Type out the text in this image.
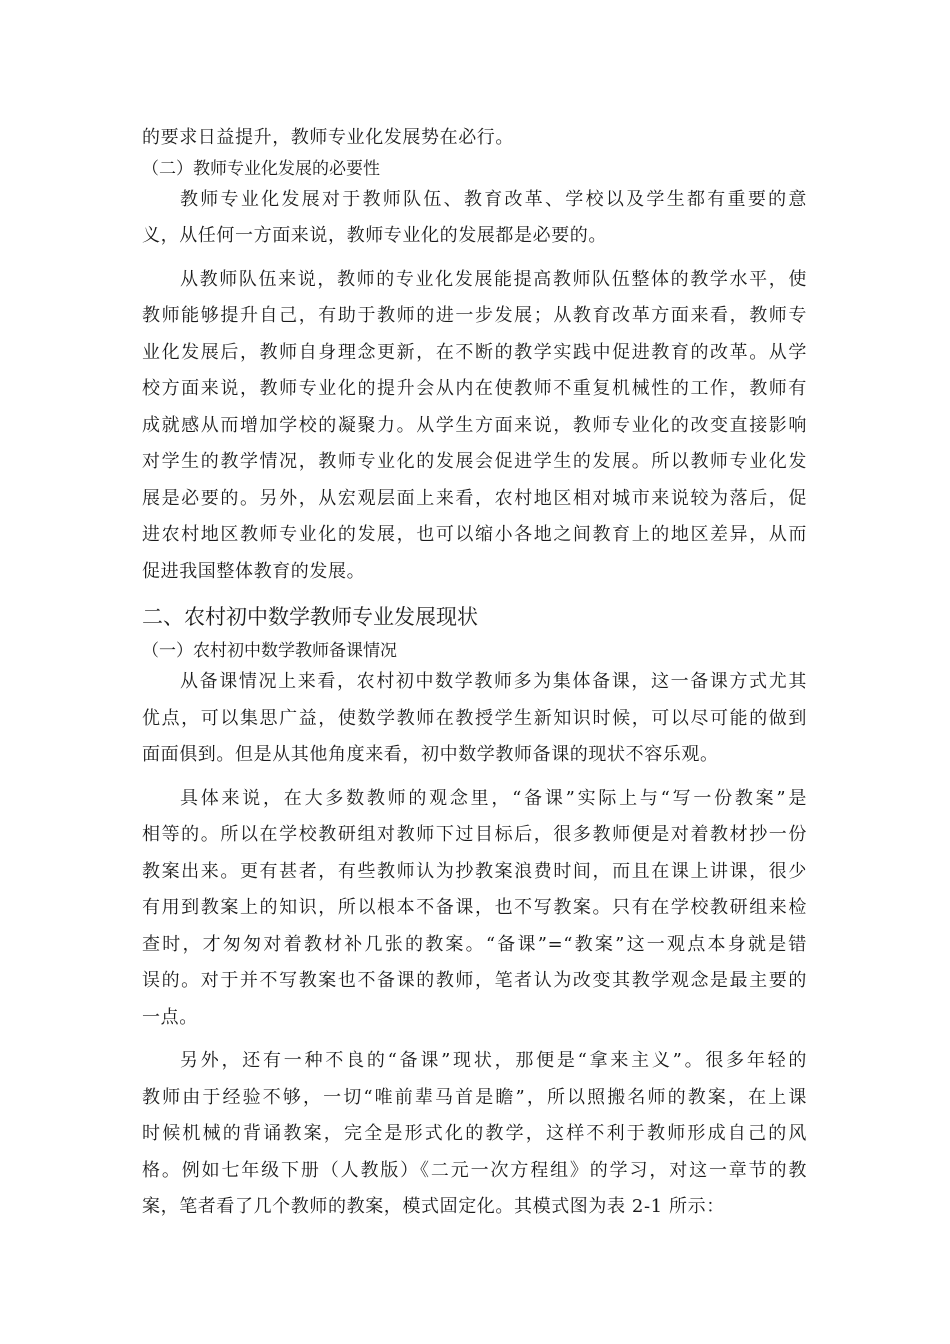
的要求日益提升，教师专业化发展势在必行。
（二）教师专业化发展的必要性
教师专业化发展对于教师队伍、教育改革、学校以及学生都有重要的意
义，从任何一方面来说，教师专业化的发展都是必要的。
从教师队伍来说，教师的专业化发展能提高教师队伍整体的教学水平，使
教师能够提升自己，有助于教师的进一步发展；从教育改革方面来看，教师专
业化发展后，教师自身理念更新，在不断的教学实践中促进教育的改革。从学
校方面来说，教师专业化的提升会从内在使教师不重复机械性的工作，教师有
成就感从而增加学校的凝聚力。从学生方面来说，教师专业化的改变直接影响
对学生的教学情况，教师专业化的发展会促进学生的发展。所以教师专业化发
展是必要的。另外，从宏观层面上来看，农村地区相对城市来说较为落后，促
进农村地区教师专业化的发展，也可以缩小各地之间教育上的地区差异，从而
促进我国整体教育的发展。
二、农村初中数学教师专业发展现状
（一）农村初中数学教师备课情况
从备课情况上来看，农村初中数学教师多为集体备课，这一备课方式尤其
优点，可以集思广益，使数学教师在教授学生新知识时候，可以尽可能的做到
面面俱到。但是从其他角度来看，初中数学教师备课的现状不容乐观。
具体来说，在大多数教师的观念里，“备课”实际上与“写一份教案”是
相等的。所以在学校教研组对教师下过目标后，很多教师便是对着教材抄一份
教案出来。更有甚者，有些教师认为抄教案浪费时间，而且在课上讲课，很少
有用到教案上的知识，所以根本不备课，也不写教案。只有在学校教研组来检
查时，才匆匆对着教材补几张的教案。“备课”=“教案”这一观点本身就是错
误的。对于并不写教案也不备课的教师，笔者认为改变其教学观念是最主要的
一点。
另外，还有一种不良的“备课”现状，那便是“拿来主义”。很多年轻的
教师由于经验不够，一切“唯前辈马首是瞻”，所以照搬名师的教案，在上课
时候机械的背诵教案，完全是形式化的教学，这样不利于教师形成自己的风
格。例如七年级下册（人教版）《二元一次方程组》的学习，对这一章节的教
案，笔者看了几个教师的教案，模式固定化。其模式图为表 2-1 所示：
